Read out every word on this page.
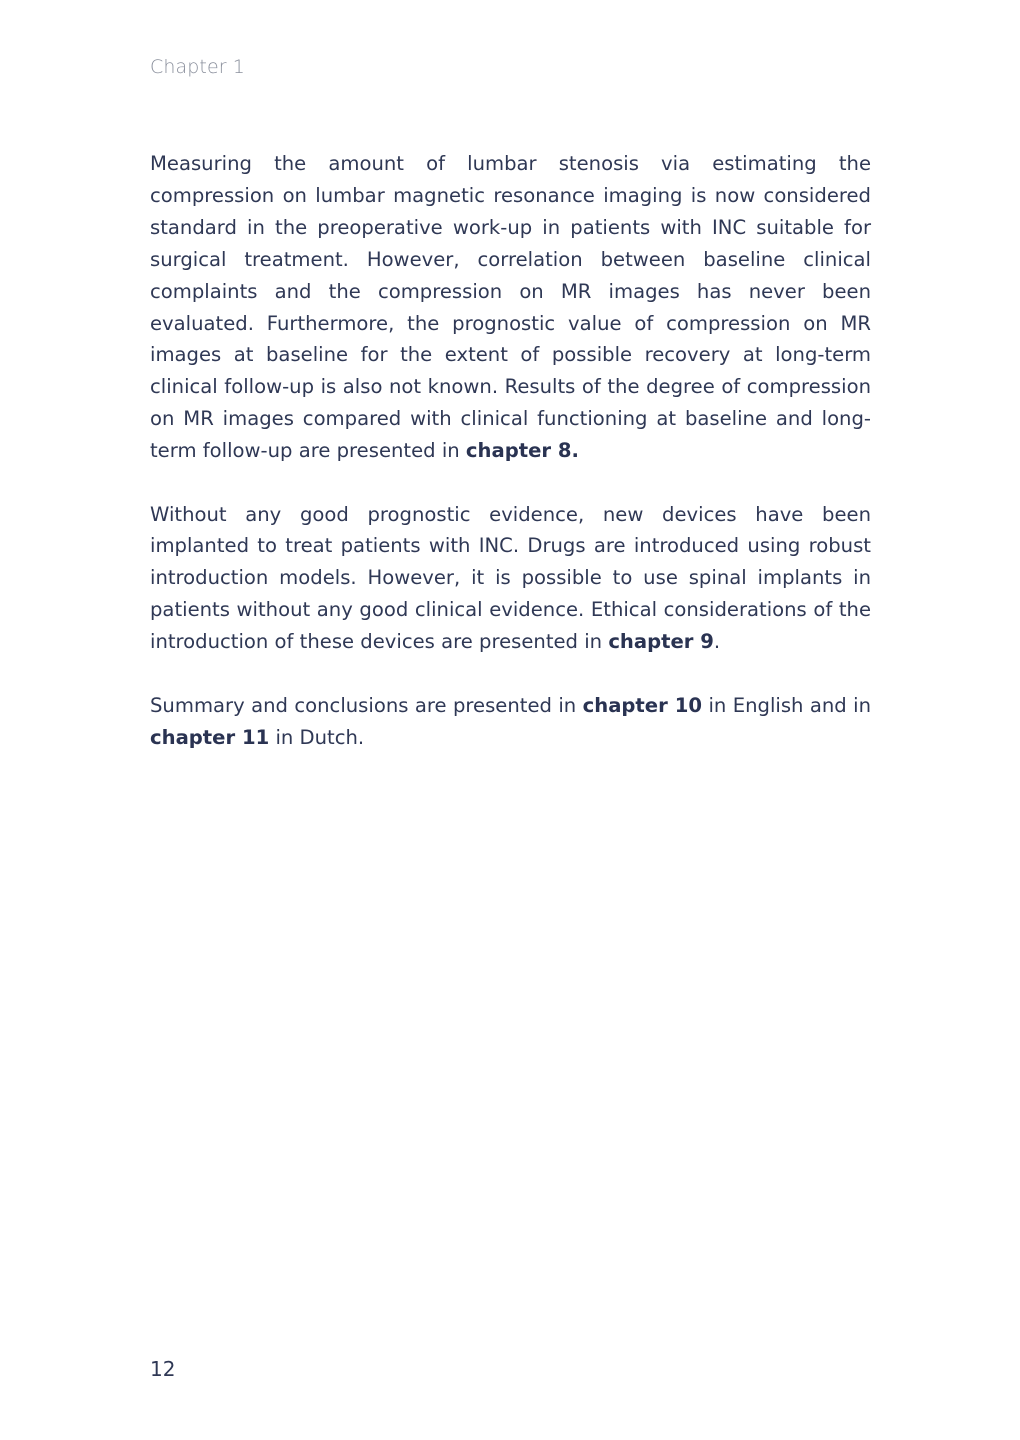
Chapter 1

Measuring the amount of lumbar stenosis via estimating the compression on lumbar magnetic resonance imaging is now considered standard in the preoperative work-up in patients with INC suitable for surgical treatment. However, correlation between baseline clinical complaints and the compression on MR images has never been evaluated. Furthermore, the prognostic value of compression on MR images at baseline for the extent of possible recovery at long-term clinical follow-up is also not known. Results of the degree of compression on MR images compared with clinical functioning at baseline and long-term follow-up are presented in chapter 8.

Without any good prognostic evidence, new devices have been implanted to treat patients with INC. Drugs are introduced using robust introduction models. However, it is possible to use spinal implants in patients without any good clinical evidence. Ethical considerations of the introduction of these devices are presented in chapter 9.

Summary and conclusions are presented in chapter 10 in English and in chapter 11 in Dutch.

12
